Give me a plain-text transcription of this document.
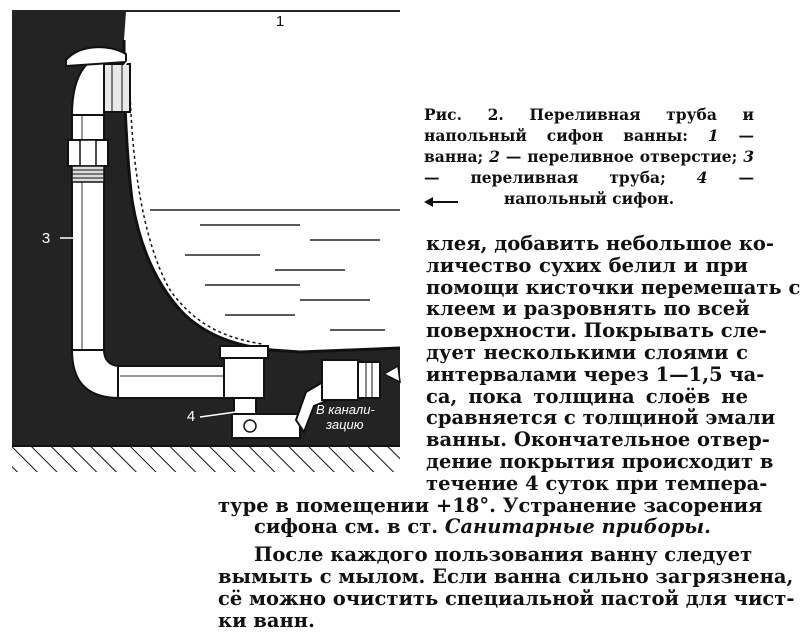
1
2
3
4	В канали-
зацию
Рис. 2. Переливная труба и напольный сифон ванны: 1 — ванна; 2 — переливное отверстие; 3 — переливная труба; 4 — напольный сифон.

клея, добавить небольшое ко-

личество сухих белил и при

помощи кисточки перемешать с

клеем и разровнять по всей

поверхности. Покрывать сле-

дует несколькими слоями с

интервалами через 1—1,5 ча-

са, пока толщина слоёв не

сравняется с толщиной эмали

ванны. Окончательное отвер-

дение покрытия происходит в

течение 4 суток при темпера-

туре в помещении +18°. Устранение засорения

сифона см. в ст. Санитарные приборы.

После каждого пользования ванну следует

вымыть с мылом. Если ванна сильно загрязнена,

сё можно очистить специальной пастой для чист-

ки ванн.
